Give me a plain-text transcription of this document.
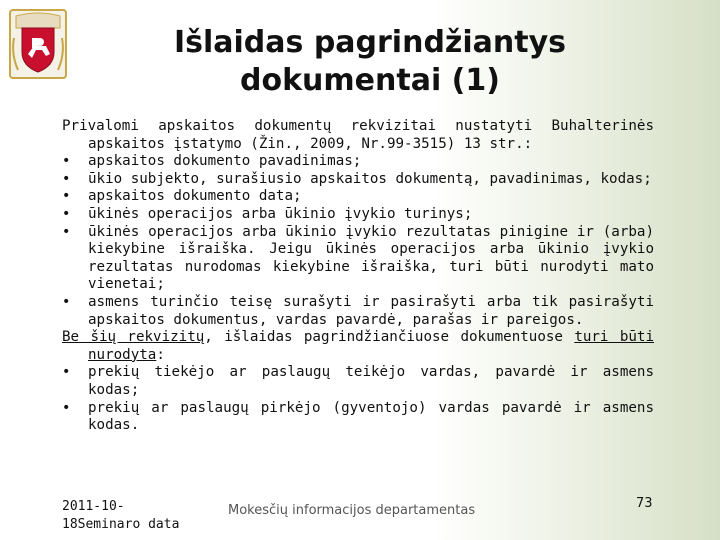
Išlaidas pagrindžiantys
dokumentai (1)

Privalomi apskaitos dokumentų rekvizitai nustatyti Buhalterinės apskaitos įstatymo (Žin., 2009, Nr.99-3515) 13 str.:

• apskaitos dokumento pavadinimas;
• ūkio subjekto, surašiusio apskaitos dokumentą, pavadinimas, kodas;
• apskaitos dokumento data;
• ūkinės operacijos arba ūkinio įvykio turinys;
• ūkinės operacijos arba ūkinio įvykio rezultatas pinigine ir (arba) kiekybine išraiška. Jeigu ūkinės operacijos arba ūkinio įvykio rezultatas nurodomas kiekybine išraiška, turi būti nurodyti mato vienetai;
• asmens turinčio teisę surašyti ir pasirašyti arba tik pasirašyti apskaitos dokumentus, vardas pavardė, parašas ir pareigos.

Be šių rekvizitų, išlaidas pagrindžiančiuose dokumentuose turi būti nurodyta:

• prekių tiekėjo ar paslaugų teikėjo vardas, pavardė ir asmens kodas;
• prekių ar paslaugų pirkėjo (gyventojo) vardas pavardė ir asmens kodas.
2011-10-
18Seminaro data
Mokesčių informacijos departamentas	73
